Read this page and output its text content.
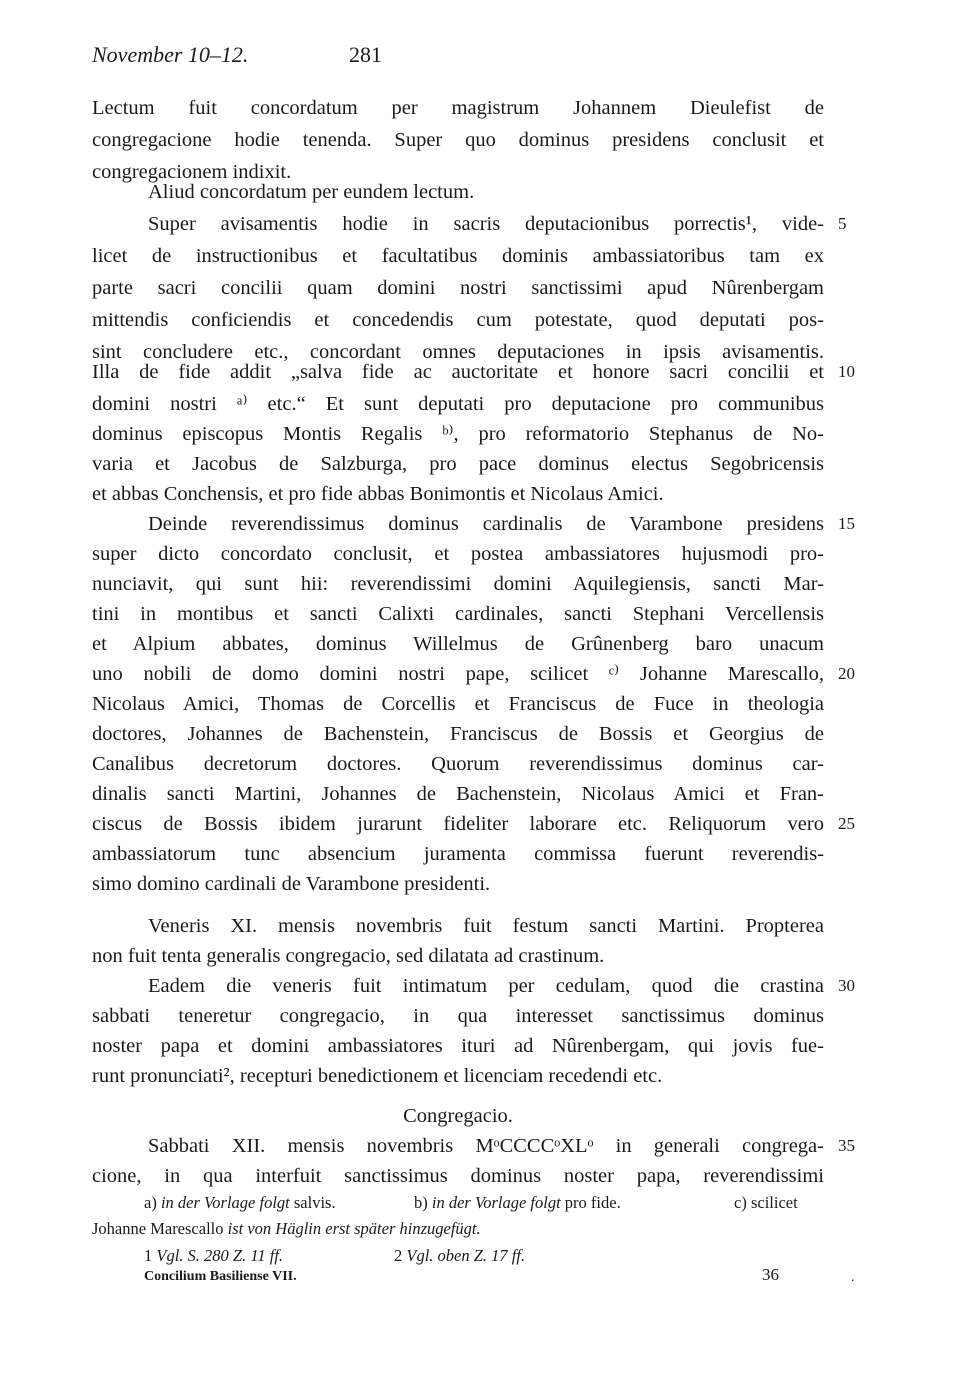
November 10–12.	281
Lectum fuit concordatum per magistrum Johannem Dieulefist de
congregacione hodie tenenda. Super quo dominus presidens conclusit et
congregacionem indixit.
Aliud concordatum per eundem lectum.
Super avisamentis hodie in sacris deputacionibus porrectis¹, vide-
licet de instructionibus et facultatibus dominis ambassiatoribus tam ex
parte sacri concilii quam domini nostri sanctissimi apud Nûrenbergam
mittendis conficiendis et concedendis cum potestate, quod deputati pos-
sint concludere etc., concordant omnes deputaciones in ipsis avisamentis.
Illa de fide addit „salva fide ac auctoritate et honore sacri concilii et
domini nostri ᵃ⁾ etc.“ Et sunt deputati pro deputacione pro communibus
dominus episcopus Montis Regalis ᵇ⁾, pro reformatorio Stephanus de No-
varia et Jacobus de Salzburga, pro pace dominus electus Segobricensis
et abbas Conchensis, et pro fide abbas Bonimontis et Nicolaus Amici.
Deinde reverendissimus dominus cardinalis de Varambone presidens
super dicto concordato conclusit, et postea ambassiatores hujusmodi pro-
nunciavit, qui sunt hii: reverendissimi domini Aquilegiensis, sancti Mar-
tini in montibus et sancti Calixti cardinales, sancti Stephani Vercellensis
et Alpium abbates, dominus Willelmus de Grûnenberg baro unacum
uno nobili de domo domini nostri pape, scilicet ᶜ⁾ Johanne Marescallo,
Nicolaus Amici, Thomas de Corcellis et Franciscus de Fuce in theologia
doctores, Johannes de Bachenstein, Franciscus de Bossis et Georgius de
Canalibus decretorum doctores. Quorum reverendissimus dominus car-
dinalis sancti Martini, Johannes de Bachenstein, Nicolaus Amici et Fran-
ciscus de Bossis ibidem jurarunt fideliter laborare etc. Reliquorum vero
ambassiatorum tunc absencium juramenta commissa fuerunt reverendis-
simo domino cardinali de Varambone presidenti.
Veneris XI. mensis novembris fuit festum sancti Martini. Propterea
non fuit tenta generalis congregacio, sed dilatata ad crastinum.
Eadem die veneris fuit intimatum per cedulam, quod die crastina
sabbati teneretur congregacio, in qua interesset sanctissimus dominus
noster papa et domini ambassiatores ituri ad Nûrenbergam, qui jovis fue-
runt pronunciati², recepturi benedictionem et licenciam recedendi etc.
Congregacio.
Sabbati XII. mensis novembris MᵒCCCCᵒXLᵒ in generali congrega-
cione, in qua interfuit sanctissimus dominus noster papa, reverendissimi
5
10
15
20
25
30
35
a) in der Vorlage folgt salvis.	b) in der Vorlage folgt pro fide.	c) scilicet
Johanne Marescallo ist von Häglin erst später hinzugefügt.
1 Vgl. S. 280 Z. 11 ff.	2 Vgl. oben Z. 17 ff.
Concilium Basiliense VII.	36	.
